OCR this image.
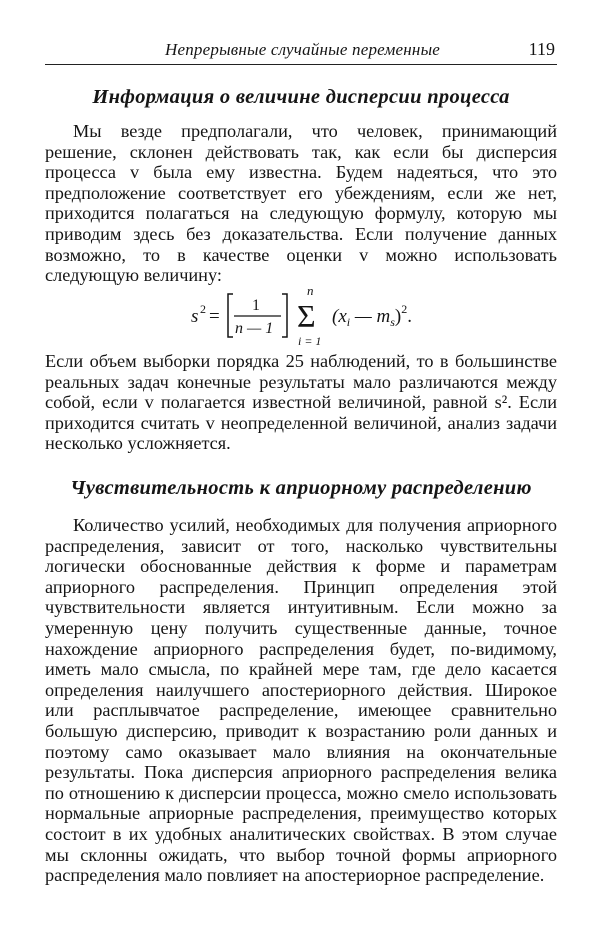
Непрерывные случайные переменные	119
Информация о величине дисперсии процесса
Мы везде предполагали, что человек, принимающий решение, склонен действовать так, как если бы дисперсия процесса v была ему известна. Будем надеяться, что это предположение соответствует его убеждениям, если же нет, приходится полагаться на следующую формулу, которую мы приводим здесь без доказательства. Если получение данных возможно, то в качестве оценки v можно использовать следующую величину:
s 2 =
1
n — 1
n
Σ
i = 1
($x_i$ — $m_s)^2$.
Если объем выборки порядка 25 наблюдений, то в большинстве реальных задач конечные результаты мало различаются между собой, если v полагается известной величиной, равной s². Если приходится считать v неопределенной величиной, анализ задачи несколько усложняется.
Чувствительность к априорному распределению
Количество усилий, необходимых для получения априорного распределения, зависит от того, насколько чувствительны логически обоснованные действия к форме и параметрам априорного распределения. Принцип определения этой чувствительности является интуитивным. Если можно за умеренную цену получить существенные данные, точное нахождение априорного распределения будет, по-видимому, иметь мало смысла, по крайней мере там, где дело касается определения наилучшего апостериорного действия. Широкое или расплывчатое распределение, имеющее сравнительно большую дисперсию, приводит к возрастанию роли данных и поэтому само оказывает мало влияния на окончательные результаты. Пока дисперсия априорного распределения велика по отношению к дисперсии процесса, можно смело использовать нормальные априорные распределения, преимущество которых состоит в их удобных аналитических свойствах. В этом случае мы склонны ожидать, что выбор точной формы априорного распределения мало повлияет на апостериорное распределение.
